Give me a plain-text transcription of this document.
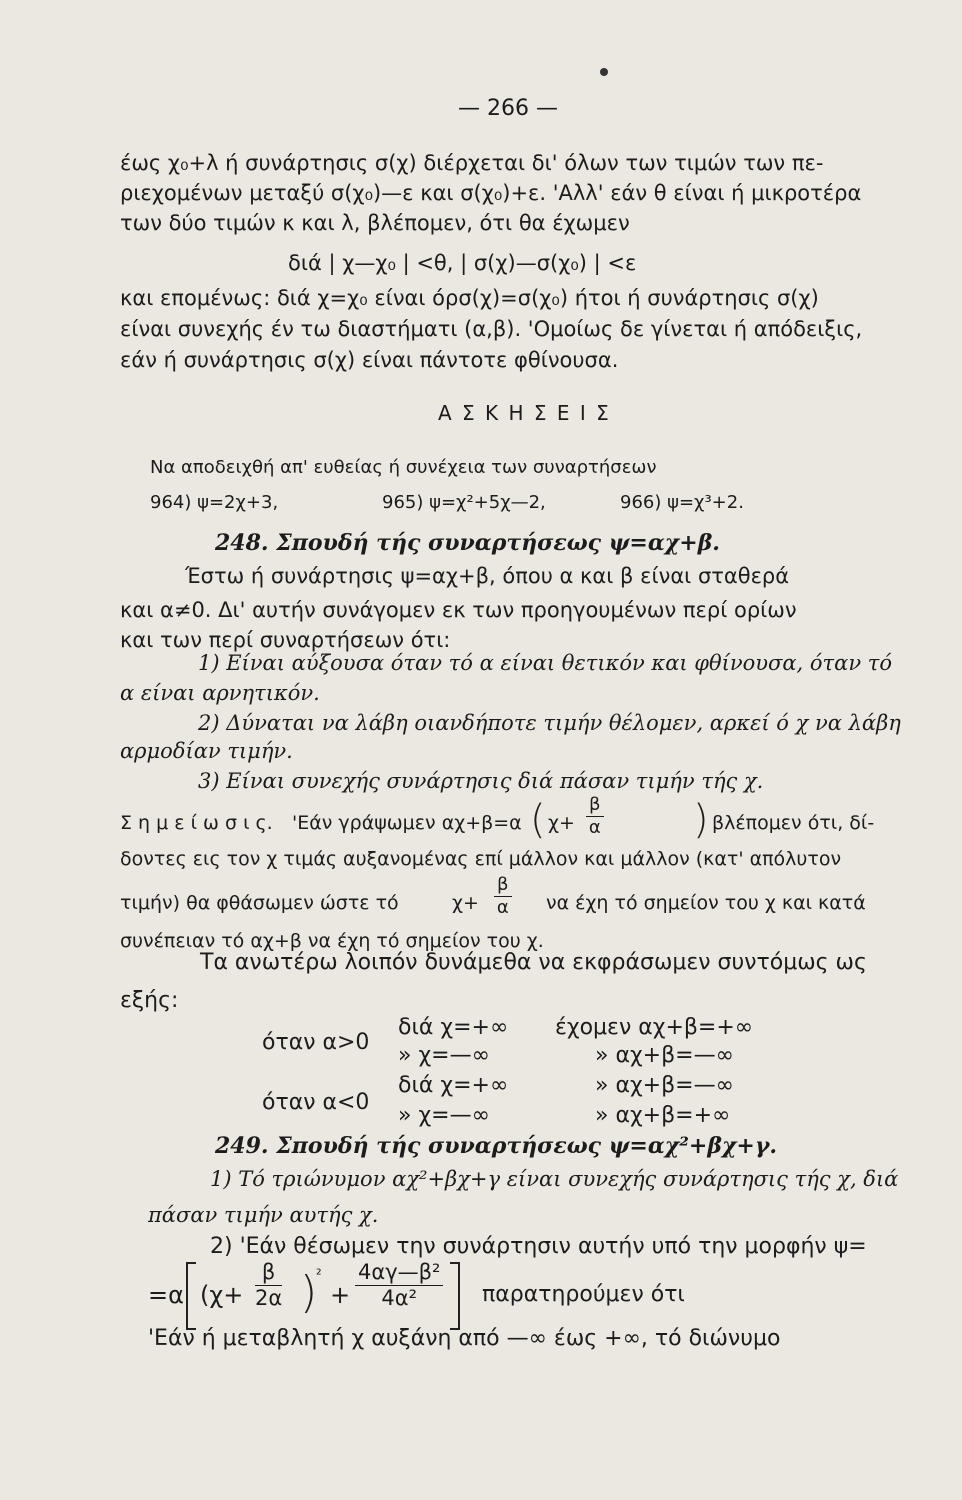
— 266 —
έως χ₀+λ ή συνάρτησις σ(χ) διέρχεται δι' όλων των τιμών των πε-
ριεχομένων μεταξύ σ(χ₀)—ε και σ(χ₀)+ε. 'Αλλ' εάν θ είναι ή μικροτέρα
των δύο τιμών κ και λ, βλέπομεν, ότι θα έχωμεν
διά | χ—χ₀ | <θ, | σ(χ)—σ(χ₀) | <ε
και επομένως: διά χ=χ₀ είναι όρσ(χ)=σ(χ₀) ήτοι ή συνάρτησις σ(χ)
είναι συνεχής έν τω διαστήματι (α,β). 'Ομοίως δε γίνεται ή απόδειξις,
εάν ή συνάρτησις σ(χ) είναι πάντοτε φθίνουσα.
Α Σ Κ Η Σ Ε Ι Σ
Να αποδειχθή απ' ευθείας ή συνέχεια των συναρτήσεων
964) ψ=2χ+3,	965) ψ=χ²+5χ—2,	966) ψ=χ³+2.
248. Σπουδή τής συναρτήσεως ψ=αχ+β.
Έστω ή συνάρτησις ψ=αχ+β, όπου α και β είναι σταθερά
και α≠0. Δι' αυτήν συνάγομεν εκ των προηγουμένων περί ορίων
και των περί συναρτήσεων ότι:
1) Είναι αύξουσα όταν τό α είναι θετικόν και φθίνουσα, όταν τό
α είναι αρνητικόν.
2) Δύναται να λάβη οιανδήποτε τιμήν θέλομεν, αρκεί ό χ να λάβη
αρμοδίαν τιμήν.
3) Είναι συνεχής συνάρτησις διά πάσαν τιμήν τής χ.
Σ η μ ε ί ω σ ι ς. 'Εάν γράψωμεν αχ+β=α ( χ+	)
$\frac{\beta}{\alpha}$	βλέπομεν ότι, δί-
δοντες εις τον χ τιμάς αυξανομένας επί μάλλον και μάλλον (κατ' απόλυτον
τιμήν) θα φθάσωμεν ώστε τό	$\chi+ \frac{\beta}{\alpha}$ να έχη τό σημείον του χ και κατά
συνέπειαν τό αχ+β να έχη τό σημείον του χ.
Τα ανωτέρω λοιπόν δυνάμεθα να εκφράσωμεν συντόμως ως
εξής:
όταν α>0
διά χ=+∞ έχομεν αχ+β=+∞
» χ=—∞	» αχ+β=—∞
όταν α<0
διά χ=+∞	» αχ+β=—∞
» χ=—∞	» αχ+β=+∞
249. Σπουδή τής συναρτήσεως ψ=αχ²+βχ+γ.
1) Τό τριώνυμον αχ²+βχ+γ είναι συνεχής συνάρτησις τής χ, διά
πάσαν τιμήν αυτής χ.
2) 'Εάν θέσωμεν την συνάρτησιν αυτήν υπό την μορφήν ψ=
=α ($\chi+ \frac{\beta}{2\alpha}$ )
²
+ $\frac{\text{4αγ—β²}}{\text{4α²}}$ παρατηρούμεν ότι
'Εάν ή μεταβλητή χ αυξάνη από —∞ έως +∞, τό διώνυμο
